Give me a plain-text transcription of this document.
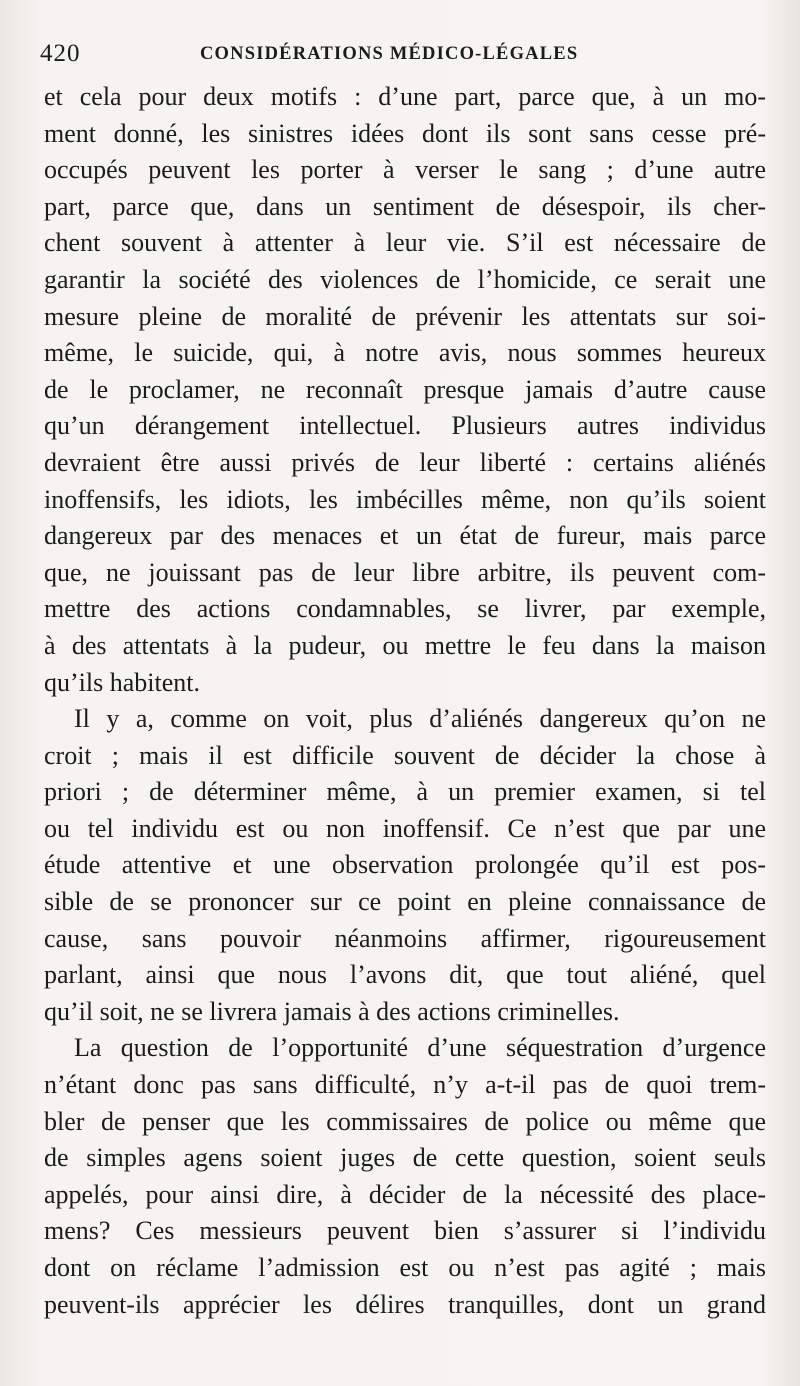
420	CONSIDÉRATIONS MÉDICO-LÉGALES
et cela pour deux motifs : d’une part, parce que, à un mo-
ment donné, les sinistres idées dont ils sont sans cesse pré-
occupés peuvent les porter à verser le sang ; d’une autre
part, parce que, dans un sentiment de désespoir, ils cher-
chent souvent à attenter à leur vie. S’il est nécessaire de
garantir la société des violences de l’homicide, ce serait une
mesure pleine de moralité de prévenir les attentats sur soi-
même, le suicide, qui, à notre avis, nous sommes heureux
de le proclamer, ne reconnaît presque jamais d’autre cause
qu’un dérangement intellectuel. Plusieurs autres individus
devraient être aussi privés de leur liberté : certains aliénés
inoffensifs, les idiots, les imbécilles même, non qu’ils soient
dangereux par des menaces et un état de fureur, mais parce
que, ne jouissant pas de leur libre arbitre, ils peuvent com-
mettre des actions condamnables, se livrer, par exemple,
à des attentats à la pudeur, ou mettre le feu dans la maison
qu’ils habitent.
Il y a, comme on voit, plus d’aliénés dangereux qu’on ne
croit ; mais il est difficile souvent de décider la chose à
priori ; de déterminer même, à un premier examen, si tel
ou tel individu est ou non inoffensif. Ce n’est que par une
étude attentive et une observation prolongée qu’il est pos-
sible de se prononcer sur ce point en pleine connaissance de
cause, sans pouvoir néanmoins affirmer, rigoureusement
parlant, ainsi que nous l’avons dit, que tout aliéné, quel
qu’il soit, ne se livrera jamais à des actions criminelles.
La question de l’opportunité d’une séquestration d’urgence
n’étant donc pas sans difficulté, n’y a-t-il pas de quoi trem-
bler de penser que les commissaires de police ou même que
de simples agens soient juges de cette question, soient seuls
appelés, pour ainsi dire, à décider de la nécessité des place-
mens? Ces messieurs peuvent bien s’assurer si l’individu
dont on réclame l’admission est ou n’est pas agité ; mais
peuvent-ils apprécier les délires tranquilles, dont un grand
